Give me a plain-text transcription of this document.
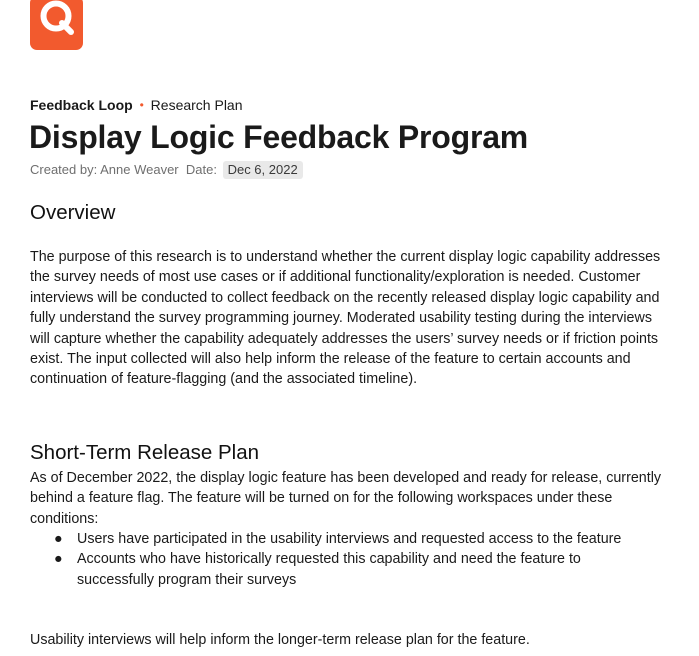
Feedback Loop • Research Plan
Display Logic Feedback Program
Created by: Anne Weaver Date: Dec 6, 2022
Overview

The purpose of this research is to understand whether the current display logic capability addresses the survey needs of most use cases or if additional functionality/exploration is needed. Customer interviews will be conducted to collect feedback on the recently released display logic capability and fully understand the survey programming journey. Moderated usability testing during the interviews will capture whether the capability adequately addresses the users’ survey needs or if friction points exist. The input collected will also help inform the release of the feature to certain accounts and continuation of feature-flagging (and the associated timeline).

Short-Term Release Plan

As of December 2022, the display logic feature has been developed and ready for release, currently behind a feature flag. The feature will be turned on for the following workspaces under these conditions:

● Users have participated in the usability interviews and requested access to the feature
● Accounts who have historically requested this capability and need the feature to successfully program their surveys

Usability interviews will help inform the longer-term release plan for the feature.
